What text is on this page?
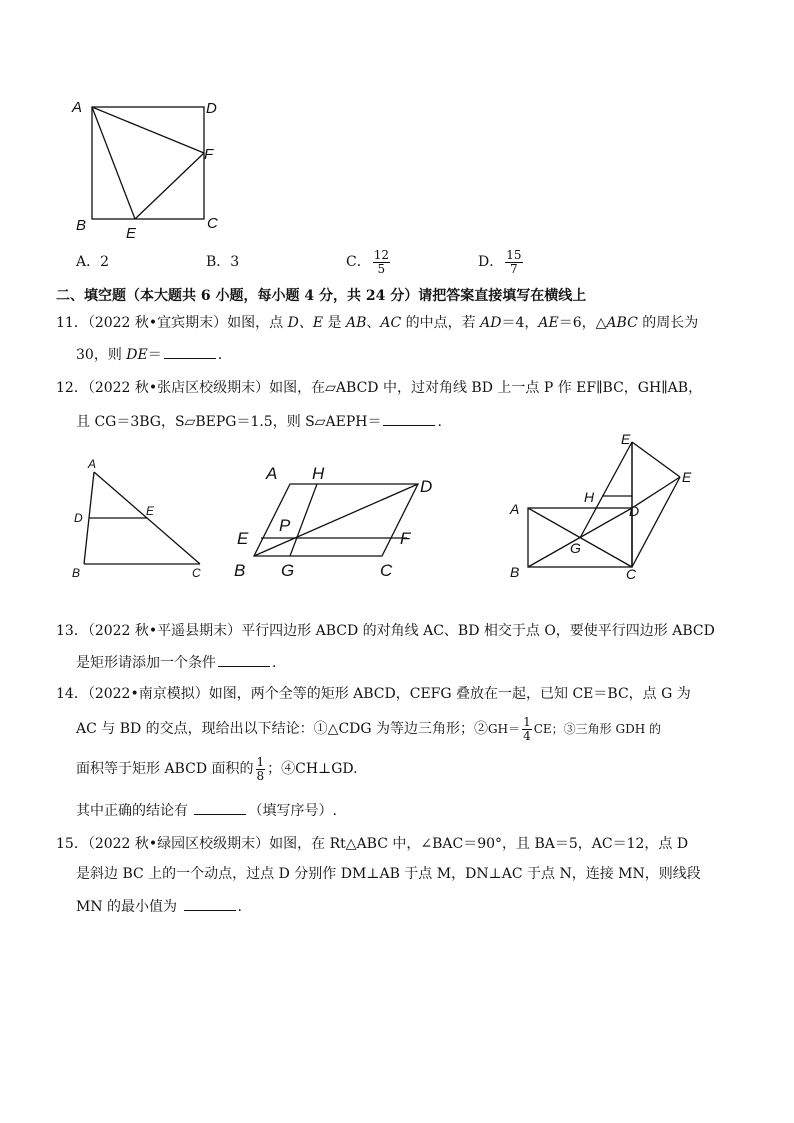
A	D
F
B	C
E
A．2	B．3	C． $\frac{12}{5}$	D． $\frac{15}{7}$
二、填空题（本大题共 6 小题，每小题 4 分，共 24 分）请把答案直接填写在横线上
11．（2022 秋•宜宾期末）如图，点 D、E 是 AB、AC 的中点，若 AD＝4，AE＝6，△ABC 的周长为
30，则 DE＝	.
12．（2022 秋•张店区校级期末）如图，在▱ABCD 中，过对角线 BD 上一点 P 作 EF∥BC，GH∥AB，
且 CG＝3BG，S▱BEPG＝1.5，则 S▱AEPH＝	.
A
D	E
B	C
A H
D
P
E	F
B G	C
E
E
H
A	D
G
B	C
13．（2022 秋•平遥县期末）平行四边形 ABCD 的对角线 AC、BD 相交于点 O，要使平行四边形 ABCD
是矩形请添加一个条件	.
14．（2022•南京模拟）如图，两个全等的矩形 ABCD，CEFG 叠放在一起，已知 CE＝BC，点 G 为
AC 与 BD 的交点，现给出以下结论：①△CDG 为等边三角形；②GH＝ $\frac{1}{4}$ CE；③三角形 GDH 的
面积等于矩形 ABCD 面积的 $\frac{1}{8}$ ；④CH⊥GD.
其中正确的结论有	（填写序号）.
15．（2022 秋•绿园区校级期末）如图，在 Rt△ABC 中，∠BAC＝90°，且 BA＝5，AC＝12，点 D
是斜边 BC 上的一个动点，过点 D 分别作 DM⊥AB 于点 M，DN⊥AC 于点 N，连接 MN，则线段
MN 的最小值为	.
